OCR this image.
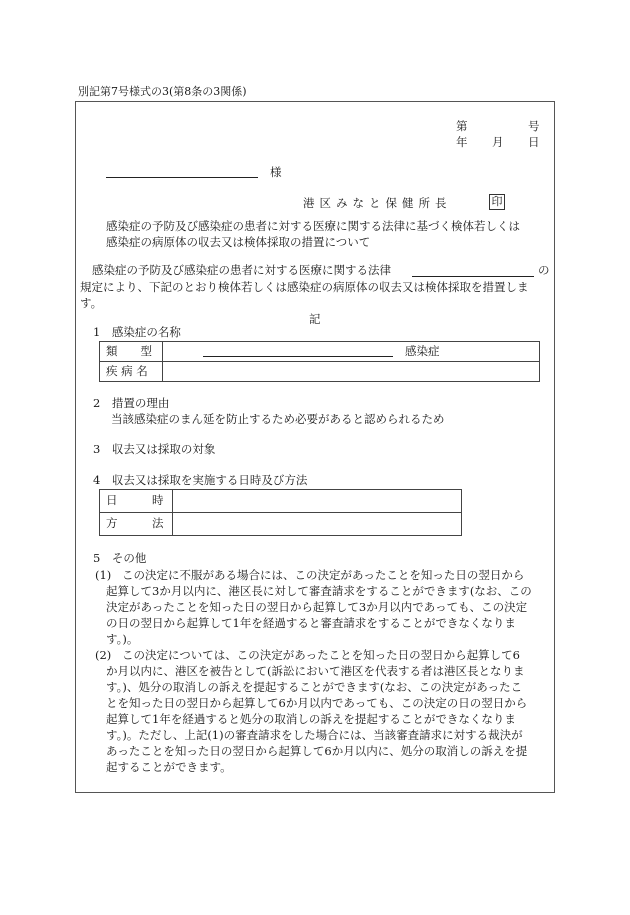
別記第7号様式の3(第8条の3関係)
第	号
年 月 日
様
港区みなと保健所長	印
感染症の予防及び感染症の患者に対する医療に関する法律に基づく検体若しくは
感染症の病原体の収去又は検体採取の措置について
感染症の予防及び感染症の患者に対する医療に関する法律	の
規定により、下記のとおり検体若しくは感染症の病原体の収去又は検体採取を措置しま
す。
記
1　感染症の名称
類　　型	感染症

疾 病 名	
2　措置の理由
当該感染症のまん延を防止するため必要があると認められるため
3　収去又は採取の対象
4　収去又は採取を実施する日時及び方法
日　　　時	
方　　　法	
5　その他
(1) この決定に不服がある場合には、この決定があったことを知った日の翌日から
起算して3か月以内に、港区長に対して審査請求をすることができます(なお、この
決定があったことを知った日の翌日から起算して3か月以内であっても、この決定
の日の翌日から起算して1年を経過すると審査請求をすることができなくなりま
す。)。
(2) この決定については、この決定があったことを知った日の翌日から起算して6
か月以内に、港区を被告として(訴訟において港区を代表する者は港区長となりま
す。)、処分の取消しの訴えを提起することができます(なお、この決定があったこ
とを知った日の翌日から起算して6か月以内であっても、この決定の日の翌日から
起算して1年を経過すると処分の取消しの訴えを提起することができなくなりま
す。)。ただし、上記(1)の審査請求をした場合には、当該審査請求に対する裁決が
あったことを知った日の翌日から起算して6か月以内に、処分の取消しの訴えを提
起することができます。
